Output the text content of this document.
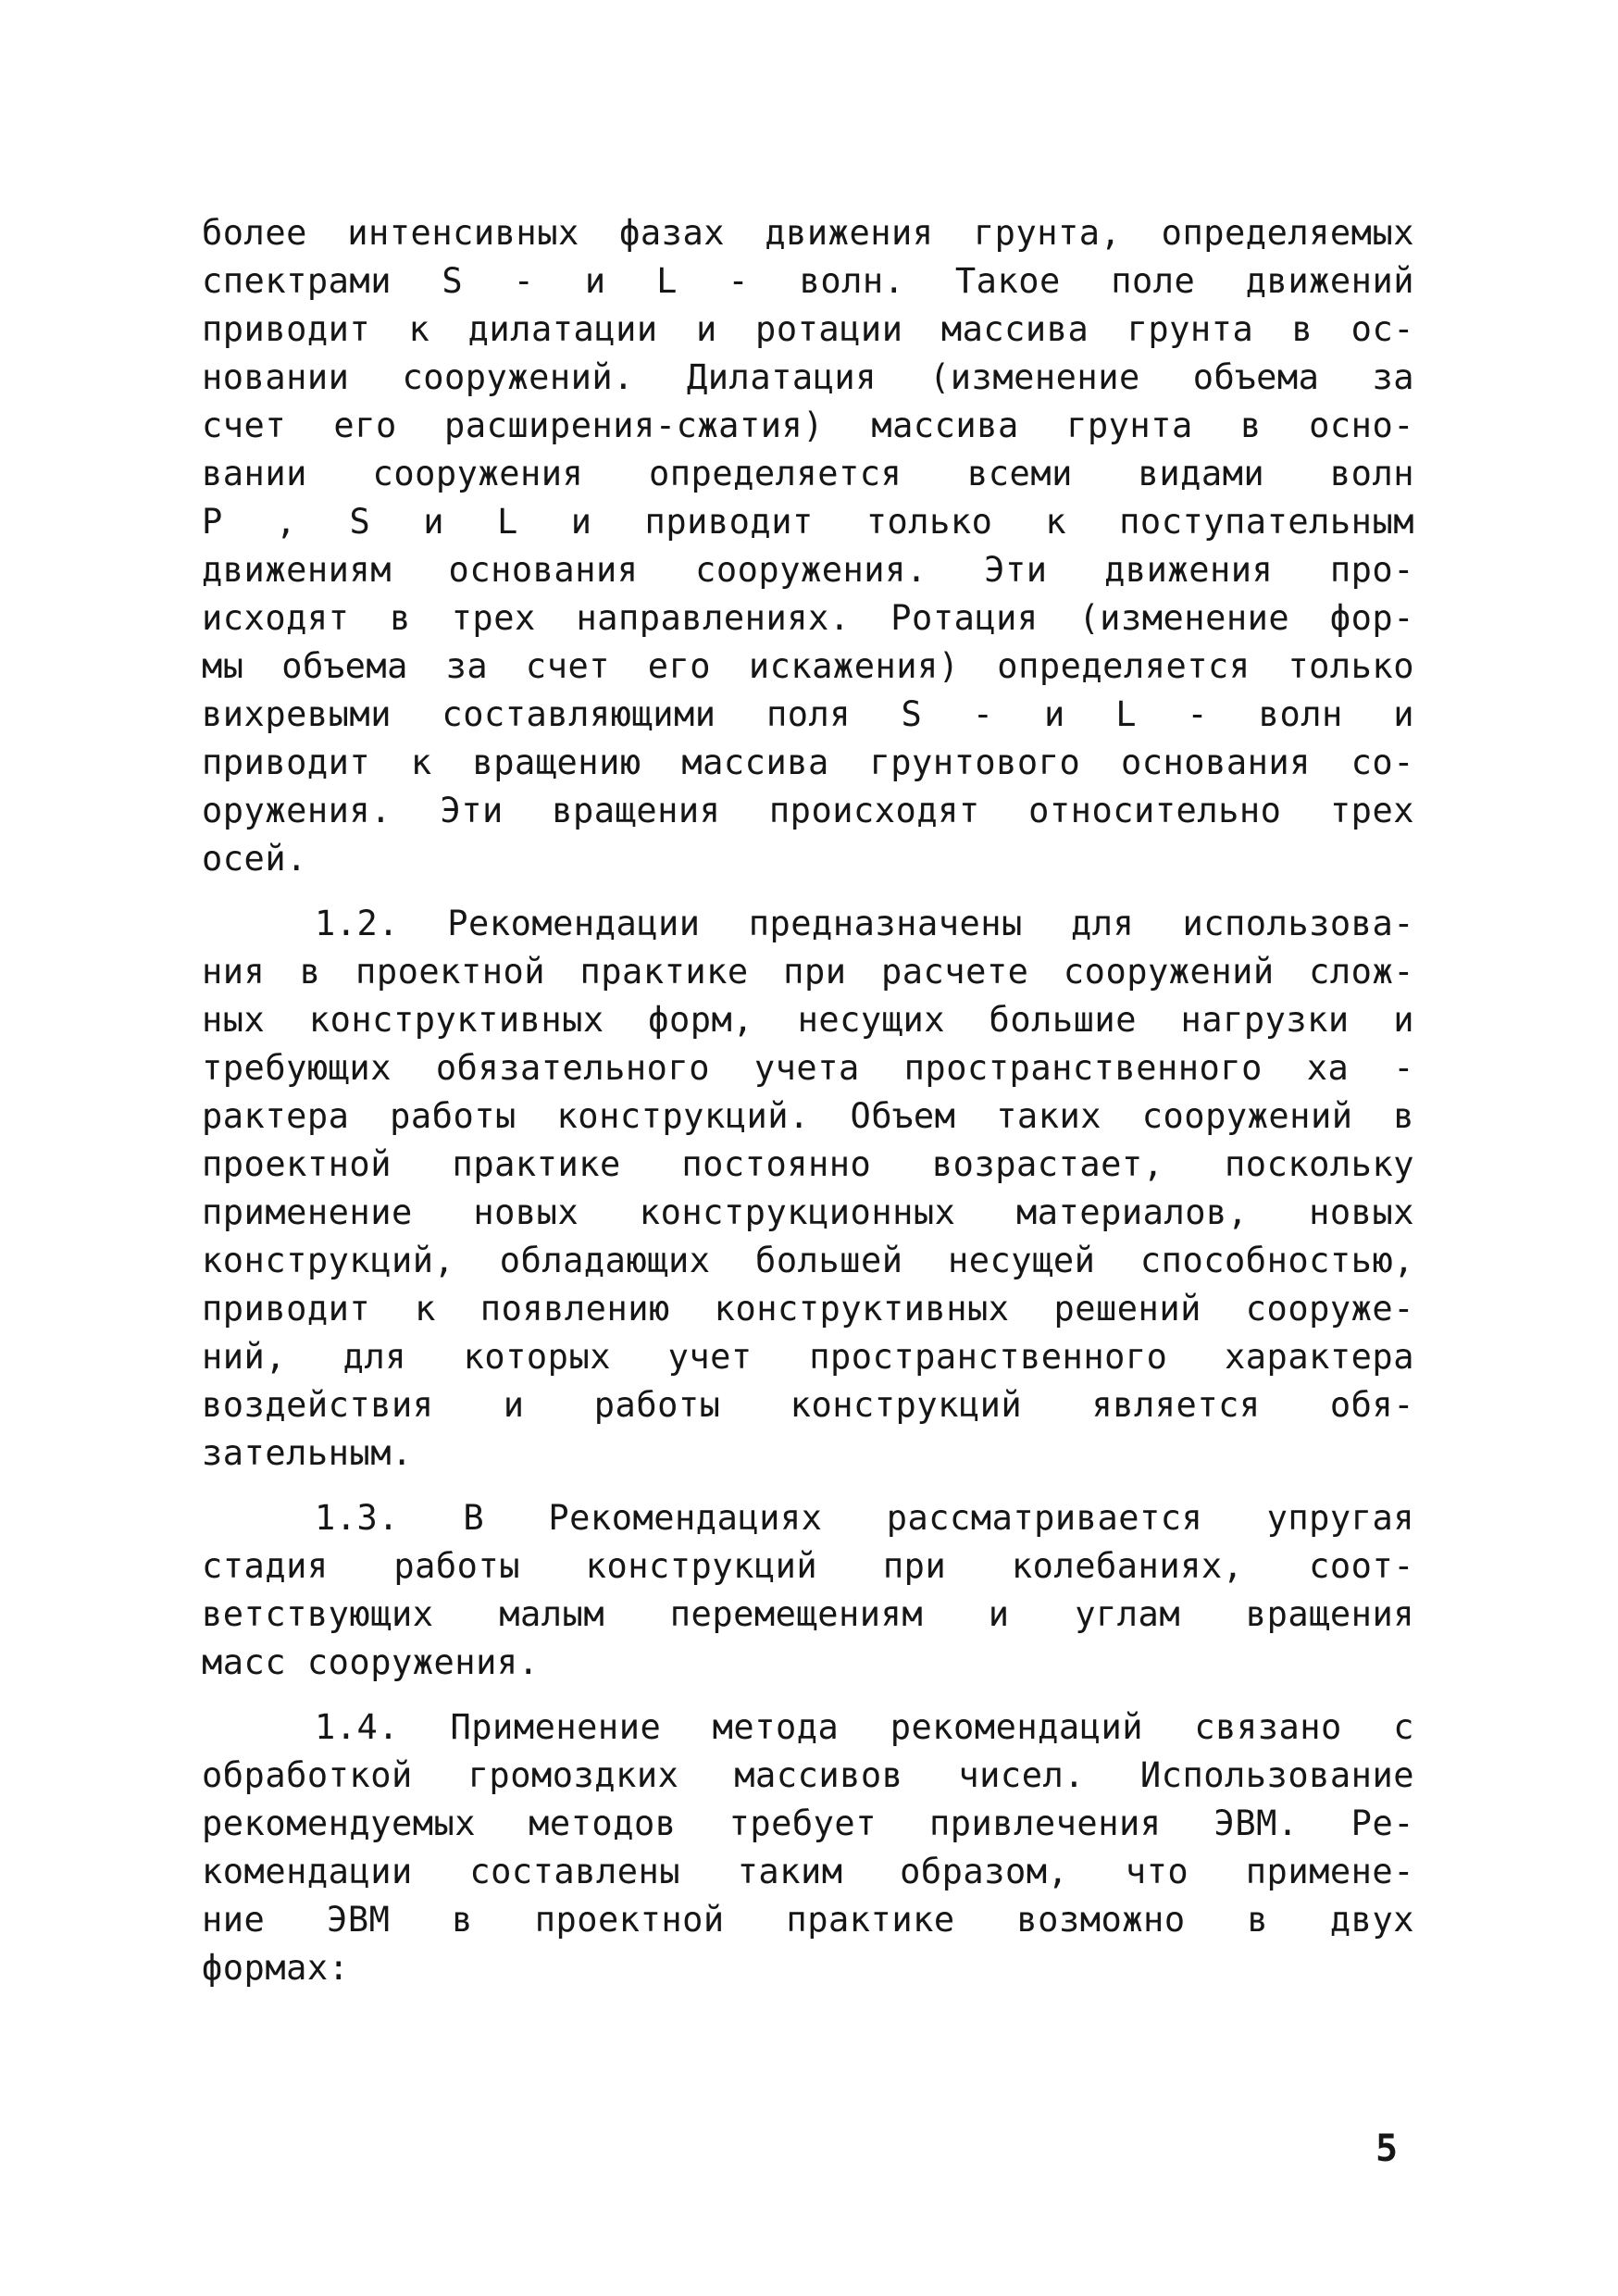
более интенсивных фазах движения грунта, определяемых
спектрами S - и L - волн. Такое поле движений
приводит к дилатации и ротации массива грунта в ос-
новании сооружений. Дилатация (изменение объема за
счет его расширения-сжатия) массива грунта в осно-
вании сооружения определяется всеми видами волн
P , S и L и приводит только к поступательным
движениям основания сооружения. Эти движения про-
исходят в трех направлениях. Ротация (изменение фор-
мы объема за счет его искажения) определяется только
вихревыми составляющими поля S - и L - волн и
приводит к вращению массива грунтового основания со-
оружения. Эти вращения происходят относительно трех
осей.
1.2. Рекомендации предназначены для использова-
ния в проектной практике при расчете сооружений слож-
ных конструктивных форм, несущих большие нагрузки и
требующих обязательного учета пространственного ха -
рактера работы конструкций. Объем таких сооружений в
проектной практике постоянно возрастает, поскольку
применение новых конструкционных материалов, новых
конструкций, обладающих большей несущей способностью,
приводит к появлению конструктивных решений сооруже-
ний, для которых учет пространственного характера
воздействия и работы конструкций является обя-
зательным.
1.3. В Рекомендациях рассматривается упругая
стадия работы конструкций при колебаниях, соот-
ветствующих малым перемещениям и углам вращения
масс сооружения.
1.4. Применение метода рекомендаций связано с
обработкой громоздких массивов чисел. Использование
рекомендуемых методов требует привлечения ЭВМ. Ре-
комендации составлены таким образом, что примене-
ние ЭВМ в проектной практике возможно в двух
формах:
5
